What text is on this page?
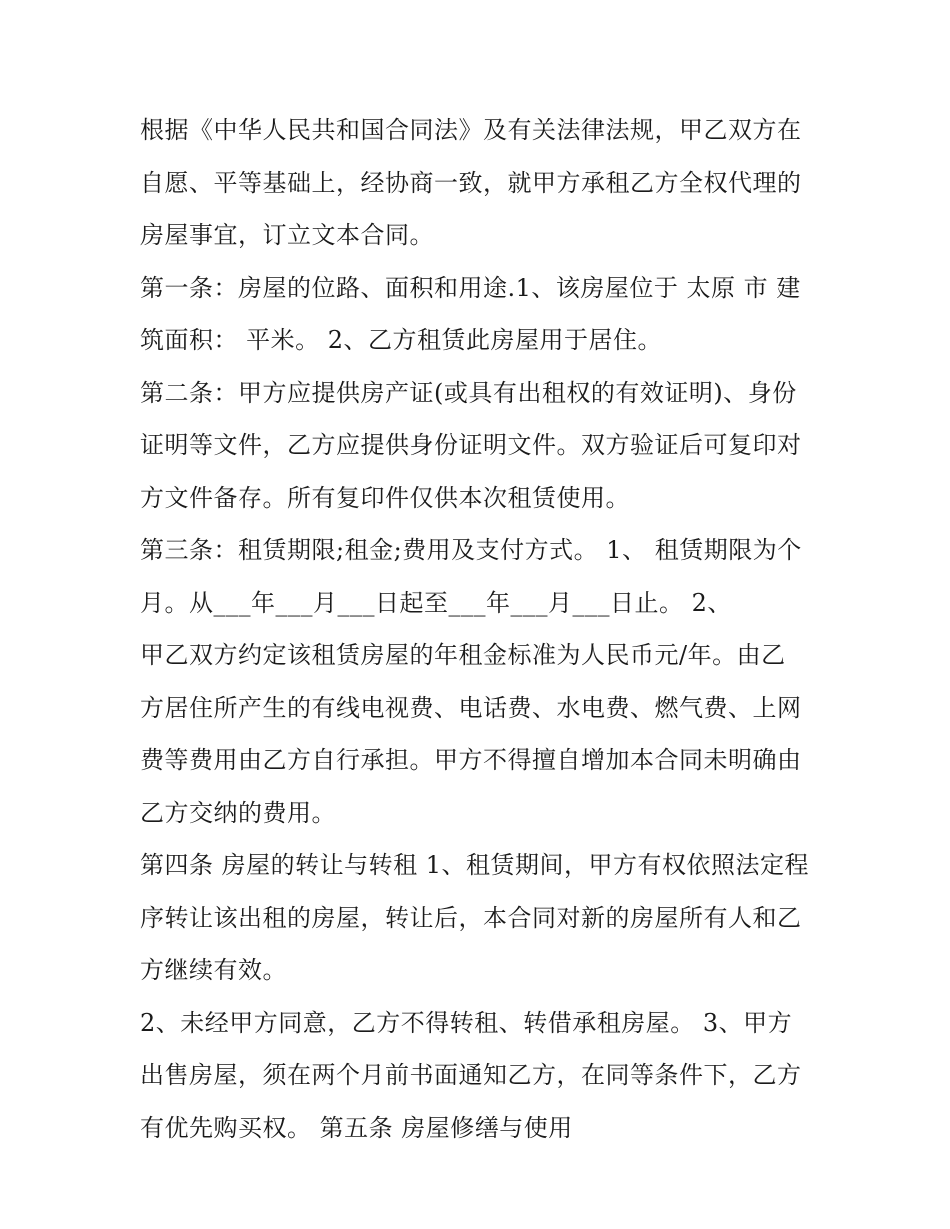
根据《中华人民共和国合同法》及有关法律法规，甲乙双方在
自愿、平等基础上，经协商一致，就甲方承租乙方全权代理的
房屋事宜，订立文本合同。
第一条：房屋的位路、面积和用途.1、该房屋位于 太原 市 建
筑面积： 平米。 2、乙方租赁此房屋用于居住。
第二条：甲方应提供房产证(或具有出租权的有效证明)、身份
证明等文件，乙方应提供身份证明文件。双方验证后可复印对
方文件备存。所有复印件仅供本次租赁使用。
第三条：租赁期限;租金;费用及支付方式。 1、 租赁期限为个
月。从___年___月___日起至___年___月___日止。 2、
甲乙双方约定该租赁房屋的年租金标准为人民币元/年。由乙
方居住所产生的有线电视费、电话费、水电费、燃气费、上网
费等费用由乙方自行承担。甲方不得擅自增加本合同未明确由
乙方交纳的费用。
第四条 房屋的转让与转租 1、租赁期间，甲方有权依照法定程
序转让该出租的房屋，转让后，本合同对新的房屋所有人和乙
方继续有效。
2、未经甲方同意，乙方不得转租、转借承租房屋。 3、甲方
出售房屋，须在两个月前书面通知乙方，在同等条件下，乙方
有优先购买权。 第五条 房屋修缮与使用
